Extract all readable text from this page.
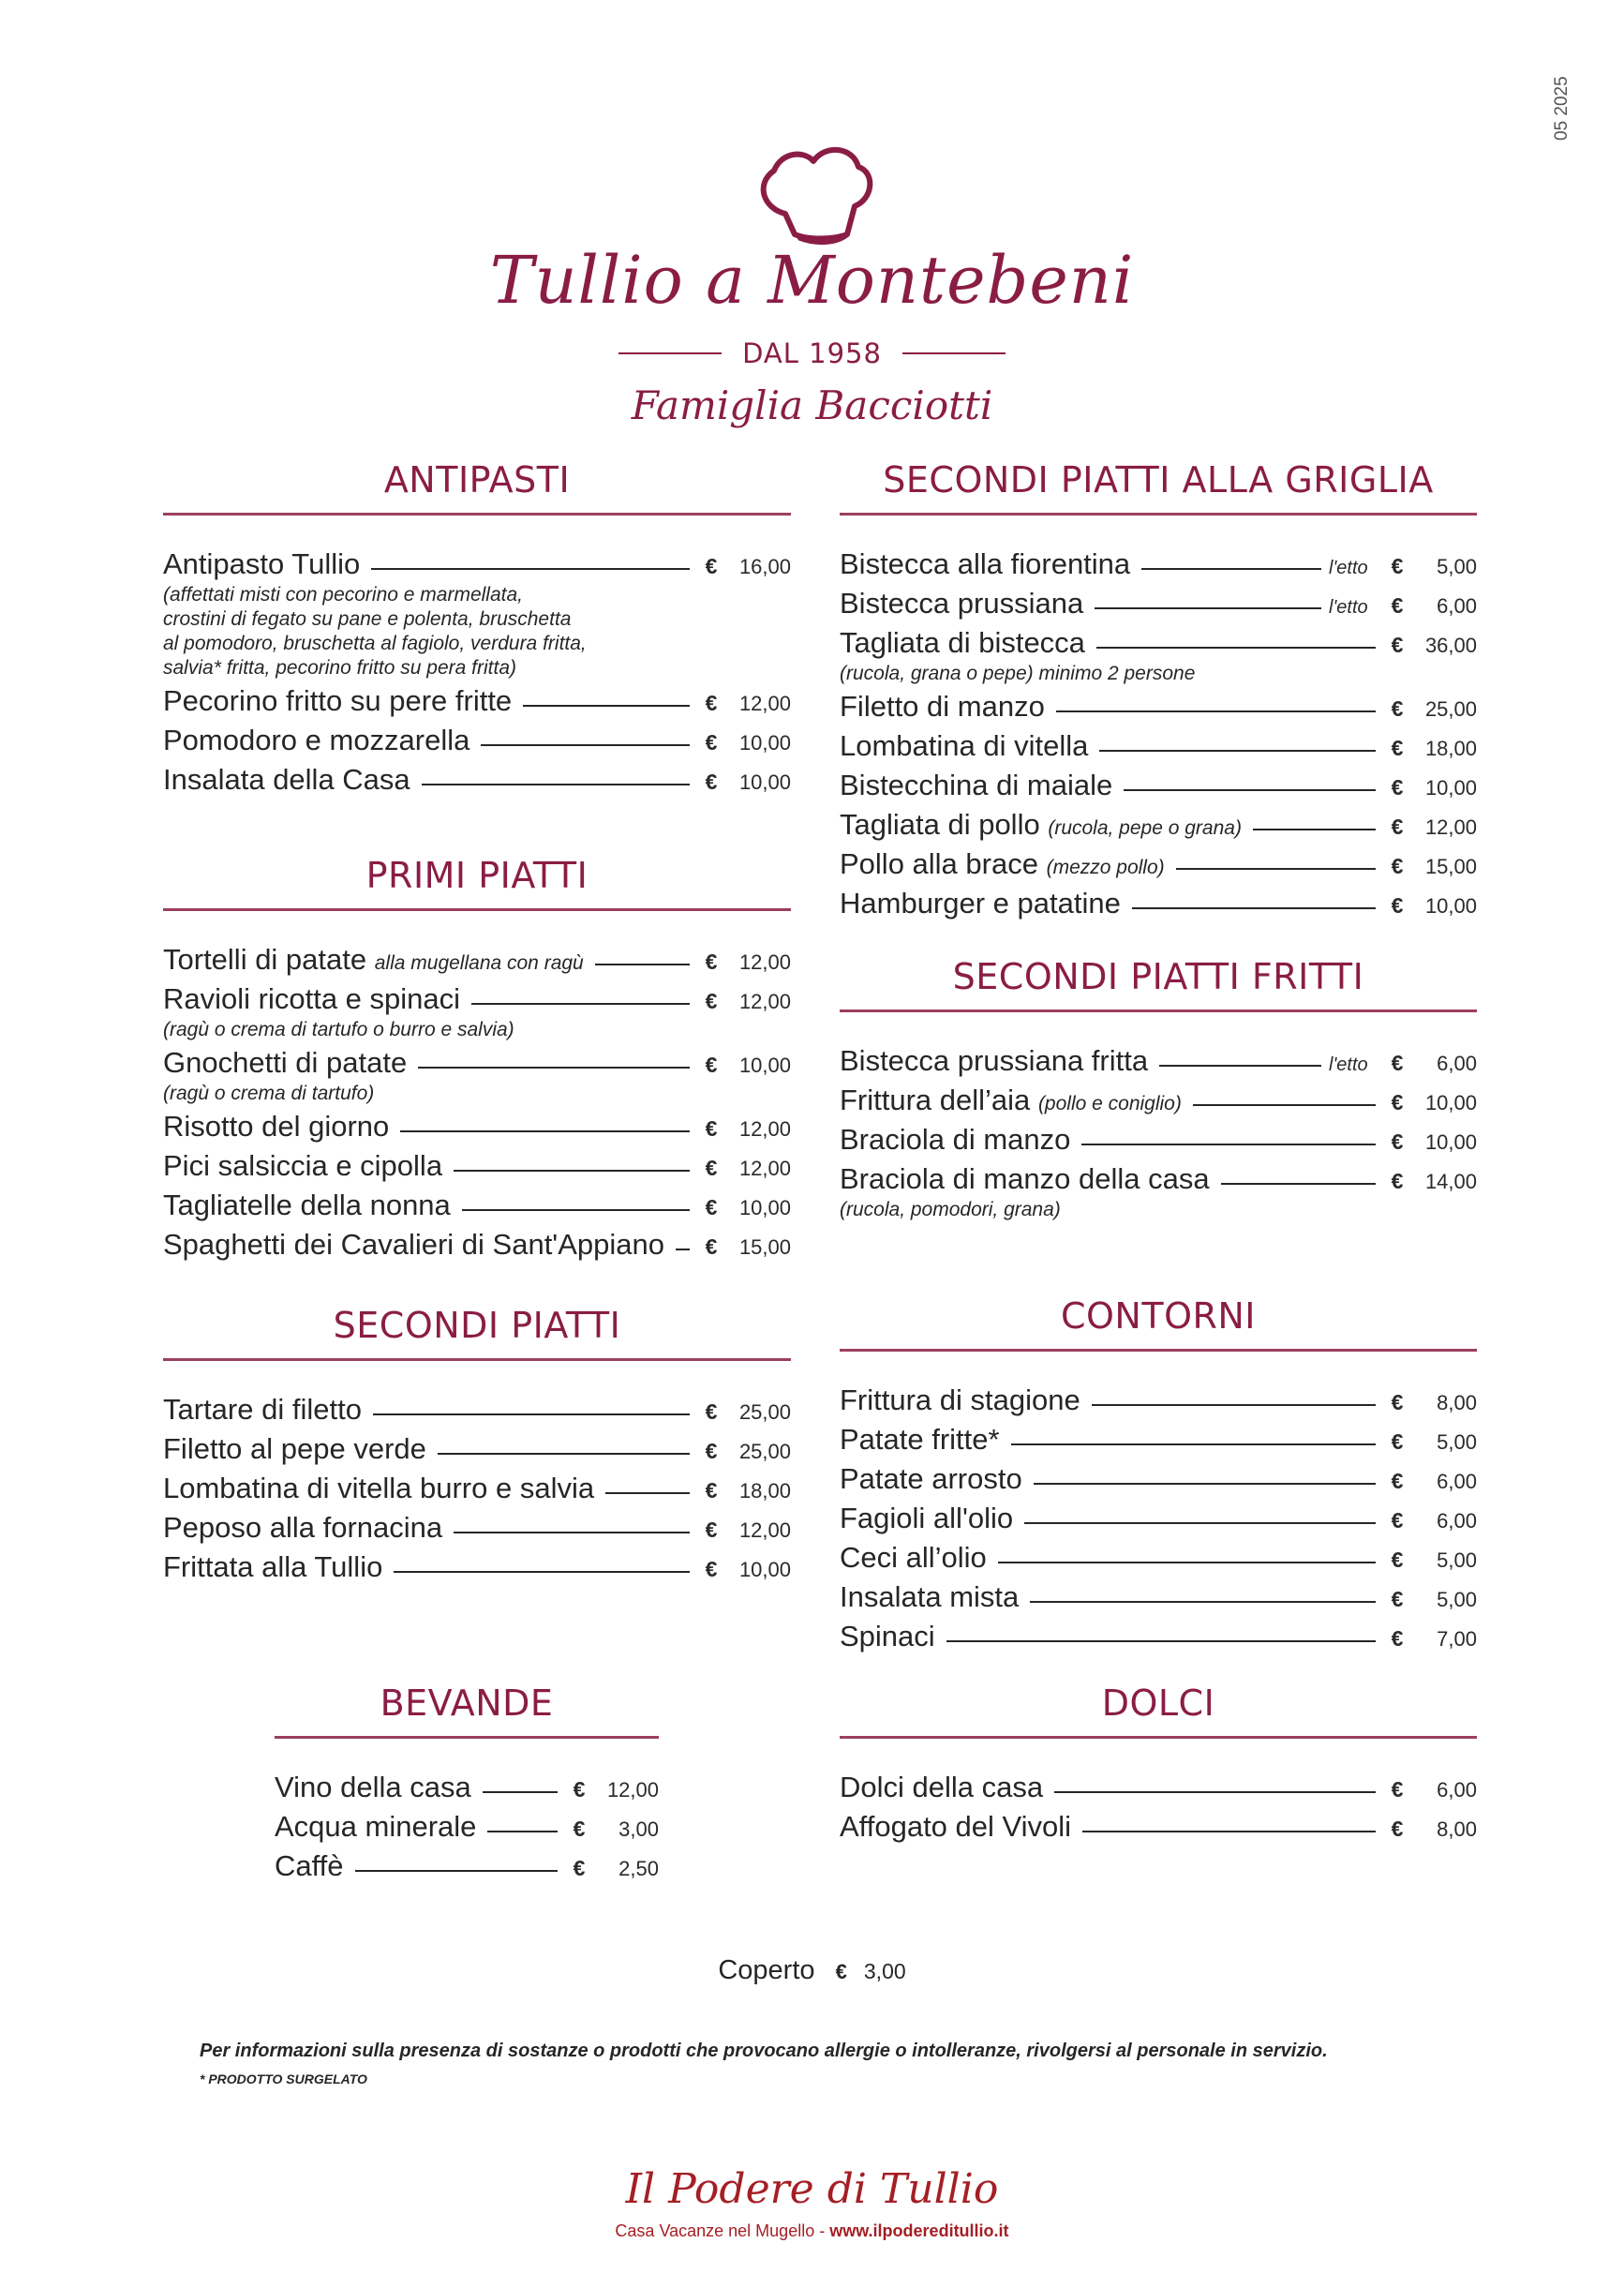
05 2025
Tullio a Montebeni
DAL 1958
Famiglia Bacciotti
ANTIPASTI
Antipasto Tullio	€	16,00
(affettati misti con pecorino e marmellata,
crostini di fegato su pane e polenta, bruschetta
al pomodoro, bruschetta al fagiolo, verdura fritta,
salvia* fritta, pecorino fritto su pera fritta)
Pecorino fritto su pere fritte	€	12,00
Pomodoro e mozzarella	€	10,00
Insalata della Casa	€	10,00
PRIMI PIATTI
Tortelli di patate alla mugellana con ragù	€	12,00
Ravioli ricotta e spinaci	€	12,00
(ragù o crema di tartufo o burro e salvia)
Gnochetti di patate	€	10,00
(ragù o crema di tartufo)
Risotto del giorno	€	12,00
Pici salsiccia e cipolla	€	12,00
Tagliatelle della nonna	€	10,00
Spaghetti dei Cavalieri di Sant'Appiano	€	15,00
SECONDI PIATTI
Tartare di filetto	€	25,00
Filetto al pepe verde	€	25,00
Lombatina di vitella burro e salvia	€	18,00
Peposo alla fornacina	€	12,00
Frittata alla Tullio	€	10,00
BEVANDE
Vino della casa	€	12,00
Acqua minerale	€	3,00
Caffè	€	2,50
SECONDI PIATTI ALLA GRIGLIA
Bistecca alla fiorentina	l'etto	€	5,00
Bistecca prussiana	l'etto	€	6,00
Tagliata di bistecca	€	36,00
(rucola, grana o pepe) minimo 2 persone
Filetto di manzo	€	25,00
Lombatina di vitella	€	18,00
Bistecchina di maiale	€	10,00
Tagliata di pollo (rucola, pepe o grana)	€	12,00
Pollo alla brace (mezzo pollo)	€	15,00
Hamburger e patatine	€	10,00
SECONDI PIATTI FRITTI
Bistecca prussiana fritta	l'etto	€	6,00
Frittura dell’aia (pollo e coniglio)	€	10,00
Braciola di manzo	€	10,00
Braciola di manzo della casa	€	14,00
(rucola, pomodori, grana)
CONTORNI
Frittura di stagione	€	8,00
Patate fritte*	€	5,00
Patate arrosto	€	6,00
Fagioli all'olio	€	6,00
Ceci all’olio	€	5,00
Insalata mista	€	5,00
Spinaci	€	7,00
DOLCI
Dolci della casa	€	6,00
Affogato del Vivoli	€	8,00
Coperto € 3,00
Per informazioni sulla presenza di sostanze o prodotti che provocano allergie o intolleranze, rivolgersi al personale in servizio.
* PRODOTTO SURGELATO
Il Podere di Tullio
Casa Vacanze nel Mugello - www.ilpodereditullio.it
